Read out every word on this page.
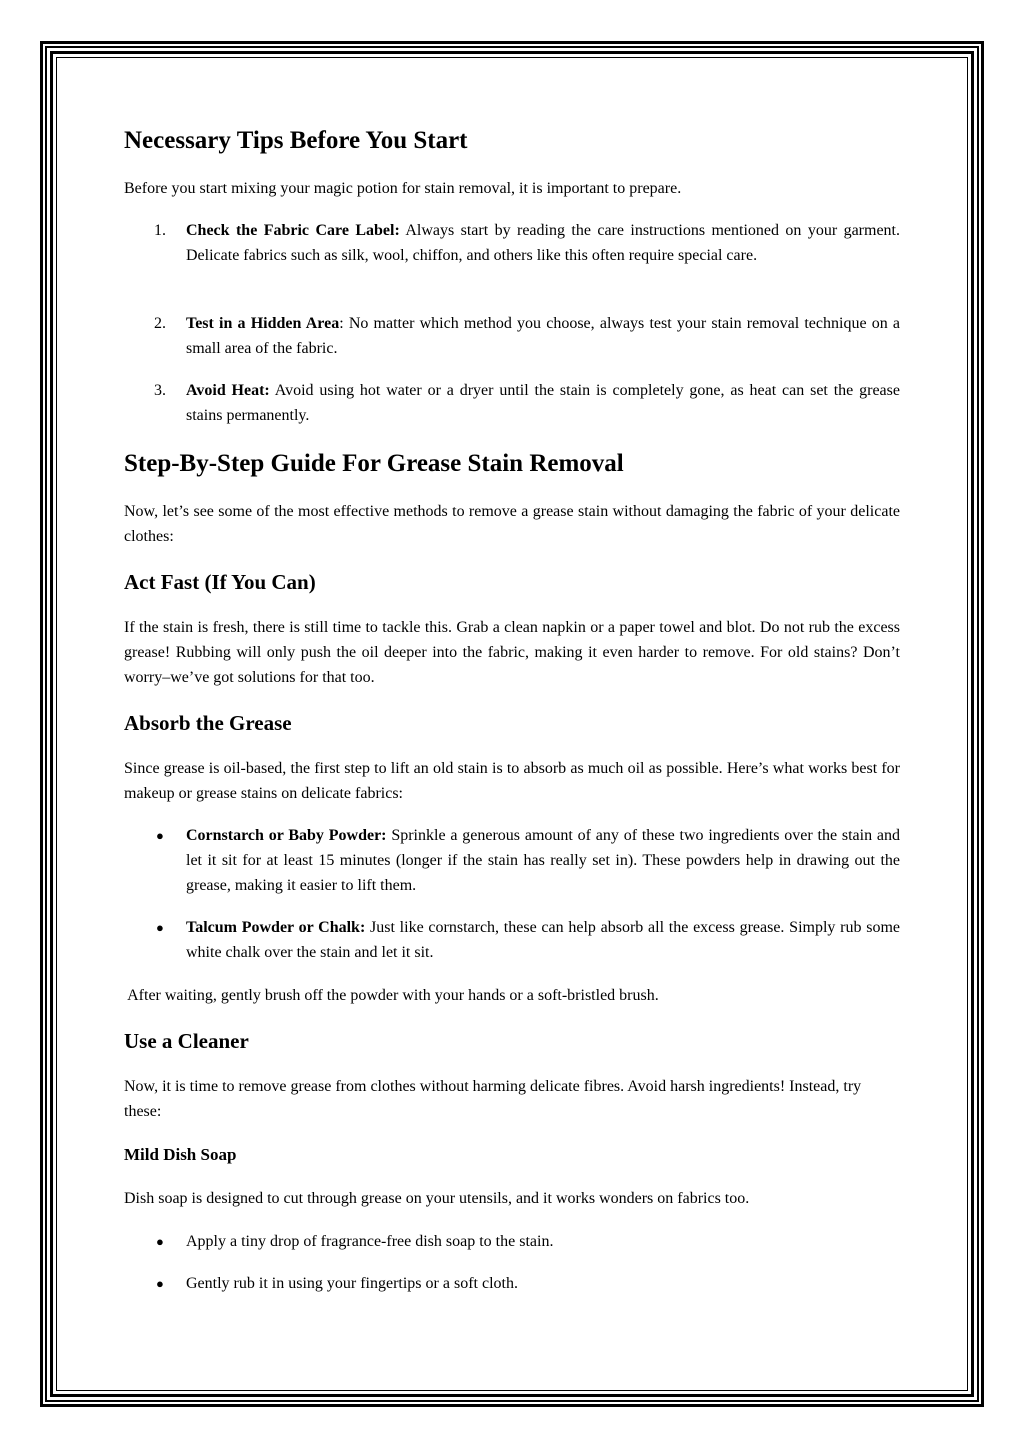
Necessary Tips Before You Start

Before you start mixing your magic potion for stain removal, it is important to prepare.

1. Check the Fabric Care Label: Always start by reading the care instructions mentioned on your garment. Delicate fabrics such as silk, wool, chiffon, and others like this often require special care.
2. Test in a Hidden Area: No matter which method you choose, always test your stain removal technique on a small area of the fabric.
3. Avoid Heat: Avoid using hot water or a dryer until the stain is completely gone, as heat can set the grease stains permanently.
Step-By-Step Guide For Grease Stain Removal

Now, let’s see some of the most effective methods to remove a grease stain without damaging the fabric of your delicate clothes:

Act Fast (If You Can)

If the stain is fresh, there is still time to tackle this. Grab a clean napkin or a paper towel and blot. Do not rub the excess grease! Rubbing will only push the oil deeper into the fabric, making it even harder to remove. For old stains? Don’t worry–we’ve got solutions for that too.

Absorb the Grease

Since grease is oil-based, the first step to lift an old stain is to absorb as much oil as possible. Here’s what works best for makeup or grease stains on delicate fabrics:

● Cornstarch or Baby Powder: Sprinkle a generous amount of any of these two ingredients over the stain and let it sit for at least 15 minutes (longer if the stain has really set in). These powders help in drawing out the grease, making it easier to lift them.
● Talcum Powder or Chalk: Just like cornstarch, these can help absorb all the excess grease. Simply rub some white chalk over the stain and let it sit.

After waiting, gently brush off the powder with your hands or a soft-bristled brush.

Use a Cleaner

Now, it is time to remove grease from clothes without harming delicate fibres. Avoid harsh ingredients! Instead, try these:

Mild Dish Soap

Dish soap is designed to cut through grease on your utensils, and it works wonders on fabrics too.

● Apply a tiny drop of fragrance-free dish soap to the stain.
● Gently rub it in using your fingertips or a soft cloth.
